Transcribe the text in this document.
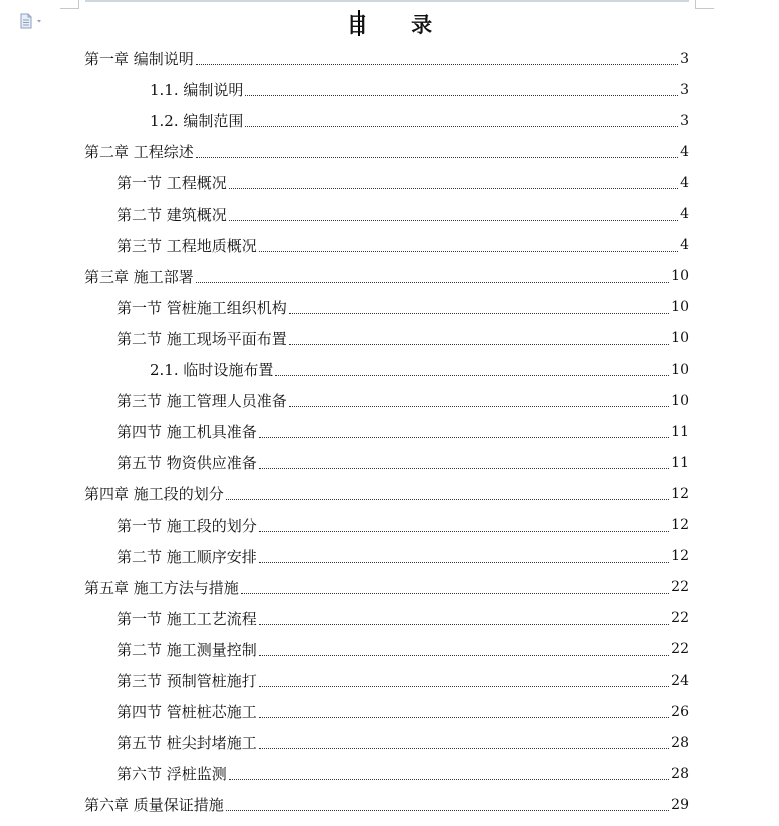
目 录
第一章 编制说明	3
1.1. 编制说明	3
1.2. 编制范围	3
第二章 工程综述	4
第一节 工程概况	4
第二节 建筑概况	4
第三节 工程地质概况	4
第三章 施工部署	10
第一节 管桩施工组织机构	10
第二节 施工现场平面布置	10
2.1. 临时设施布置	10
第三节 施工管理人员准备	10
第四节 施工机具准备	11
第五节 物资供应准备	11
第四章 施工段的划分	12
第一节 施工段的划分	12
第二节 施工顺序安排	12
第五章 施工方法与措施	22
第一节 施工工艺流程	22
第二节 施工测量控制	22
第三节 预制管桩施打	24
第四节 管桩桩芯施工	26
第五节 桩尖封堵施工	28
第六节 浮桩监测	28
第六章 质量保证措施	29
